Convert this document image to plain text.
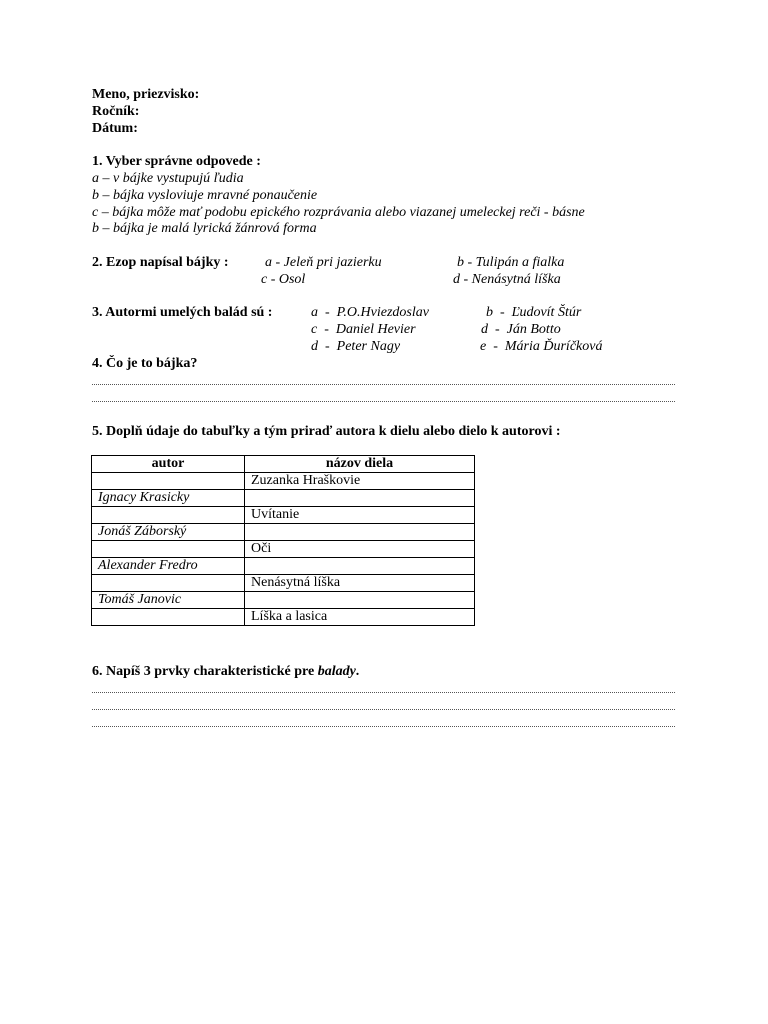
Meno, priezvisko:
Ročník:
Dátum:
1. Vyber správne odpovede :
a – v bájke vystupujú ľudia
b – bájka vysloviuje mravné ponaučenie
c – bájka môže mať podobu epického rozprávania alebo viazanej umeleckej reči - básne
b – bájka je malá lyrická žánrová forma
2. Ezop napísal bájky :	a - Jeleň pri jazierku	b - Tulipán a fialka
c - Osol	d - Nenásytná líška
3. Autormi umelých balád sú :	a  -  P.O.Hviezdoslav	b  -  Ľudovít Štúr
c  -  Daniel Hevier	d  -  Ján Botto
d  -  Peter Nagy	e  -  Mária Ďuríčková
4. Čo je to bájka?
5. Doplň údaje do tabuľky a tým priraď autora k dielu alebo dielo k autorovi :
autor	názov diela
	Zuzanka Hraškovie
Ignacy Krasicky	
	Uvítanie
Jonáš Záborský	
	Oči
Alexander Fredro	
	Nenásytná líška
Tomáš Janovic	
	Líška a lasica
6. Napíš 3 prvky charakteristické pre balady.
